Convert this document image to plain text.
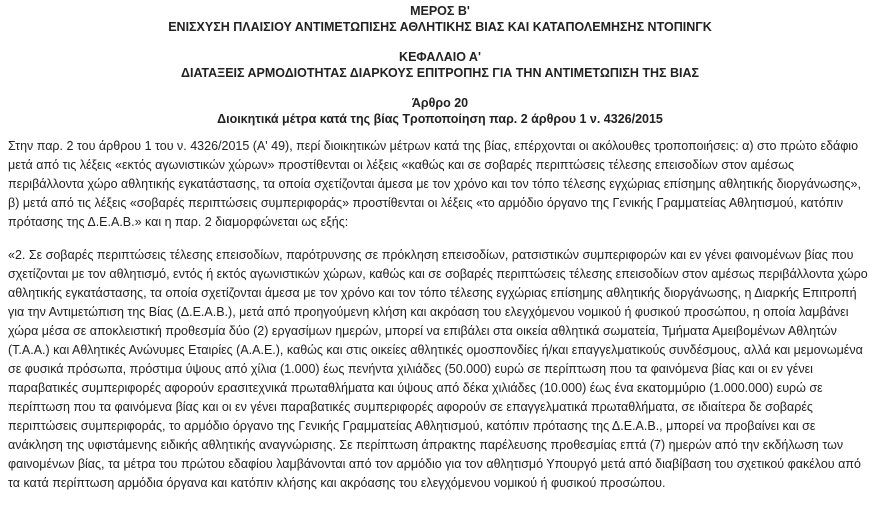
ΜΕΡΟΣ Β'

ΕΝΙΣΧΥΣΗ ΠΛΑΙΣΙΟΥ ΑΝΤΙΜΕΤΩΠΙΣΗΣ ΑΘΛΗΤΙΚΗΣ ΒΙΑΣ ΚΑΙ ΚΑΤΑΠΟΛΕΜΗΣΗΣ ΝΤΟΠΙΝΓΚ

ΚΕΦΑΛΑΙΟ Α'

ΔΙΑΤΑΞΕΙΣ ΑΡΜΟΔΙΟΤΗΤΑΣ ΔΙΑΡΚΟΥΣ ΕΠΙΤΡΟΠΗΣ ΓΙΑ ΤΗΝ ΑΝΤΙΜΕΤΩΠΙΣΗ ΤΗΣ ΒΙΑΣ

Άρθρο 20

Διοικητικά μέτρα κατά της βίας Τροποποίηση παρ. 2 άρθρου 1 ν. 4326/2015

Στην παρ. 2 του άρθρου 1 του ν. 4326/2015 (Α' 49), περί διοικητικών μέτρων κατά της βίας, επέρχονται οι ακόλουθες τροποποιήσεις: α) στο πρώτο εδάφιο μετά από τις λέξεις «εκτός αγωνιστικών χώρων» προστίθενται οι λέξεις «καθώς και σε σοβαρές περιπτώσεις τέλεσης επεισοδίων στον αμέσως περιβάλλοντα χώρο αθλητικής εγκατάστασης, τα οποία σχετίζονται άμεσα με τον χρόνο και τον τόπο τέλεσης εγχώριας επίσημης αθλητικής διοργάνωσης», β) μετά από τις λέξεις «σοβαρές περιπτώσεις συμπεριφοράς» προστίθενται οι λέξεις «το αρμόδιο όργανο της Γενικής Γραμματείας Αθλητισμού, κατόπιν πρότασης της Δ.Ε.Α.Β.» και η παρ. 2 διαμορφώνεται ως εξής:

«2. Σε σοβαρές περιπτώσεις τέλεσης επεισοδίων, παρότρυνσης σε πρόκληση επεισοδίων, ρατσιστικών συμπεριφορών και εν γένει φαινομένων βίας που σχετίζονται με τον αθλητισμό, εντός ή εκτός αγωνιστικών χώρων, καθώς και σε σοβαρές περιπτώσεις τέλεσης επεισοδίων στον αμέσως περιβάλλοντα χώρο αθλητικής εγκατάστασης, τα οποία σχετίζονται άμεσα με τον χρόνο και τον τόπο τέλεσης εγχώριας επίσημης αθλητικής διοργάνωσης, η Διαρκής Επιτροπή για την Αντιμετώπιση της Βίας (Δ.Ε.Α.Β.), μετά από προηγούμενη κλήση και ακρόαση του ελεγχόμενου νομικού ή φυσικού προσώπου, η οποία λαμβάνει χώρα μέσα σε αποκλειστική προθεσμία δύο (2) εργασίμων ημερών, μπορεί να επιβάλει στα οικεία αθλητικά σωματεία, Τμήματα Αμειβομένων Αθλητών (Τ.Α.Α.) και Αθλητικές Ανώνυμες Εταιρίες (Α.Α.Ε.), καθώς και στις οικείες αθλητικές ομοσπονδίες ή/και επαγγελματικούς συνδέσμους, αλλά και μεμονωμένα σε φυσικά πρόσωπα, πρόστιμα ύψους από χίλια (1.000) έως πενήντα χιλιάδες (50.000) ευρώ σε περίπτωση που τα φαινόμενα βίας και οι εν γένει παραβατικές συμπεριφορές αφορούν ερασιτεχνικά πρωταθλήματα και ύψους από δέκα χιλιάδες (10.000) έως ένα εκατομμύριο (1.000.000) ευρώ σε περίπτωση που τα φαινόμενα βίας και οι εν γένει παραβατικές συμπεριφορές αφορούν σε επαγγελματικά πρωταθλήματα, σε ιδιαίτερα δε σοβαρές περιπτώσεις συμπεριφοράς, το αρμόδιο όργανο της Γενικής Γραμματείας Αθλητισμού, κατόπιν πρότασης της Δ.Ε.Α.Β., μπορεί να προβαίνει και σε ανάκληση της υφιστάμενης ειδικής αθλητικής αναγνώρισης. Σε περίπτωση άπρακτης παρέλευσης προθεσμίας επτά (7) ημερών από την εκδήλωση των φαινομένων βίας, τα μέτρα του πρώτου εδαφίου λαμβάνονται από τον αρμόδιο για τον αθλητισμό Υπουργό μετά από διαβίβαση του σχετικού φακέλου από τα κατά περίπτωση αρμόδια όργανα και κατόπιν κλήσης και ακρόασης του ελεγχόμενου νομικού ή φυσικού προσώπου.
